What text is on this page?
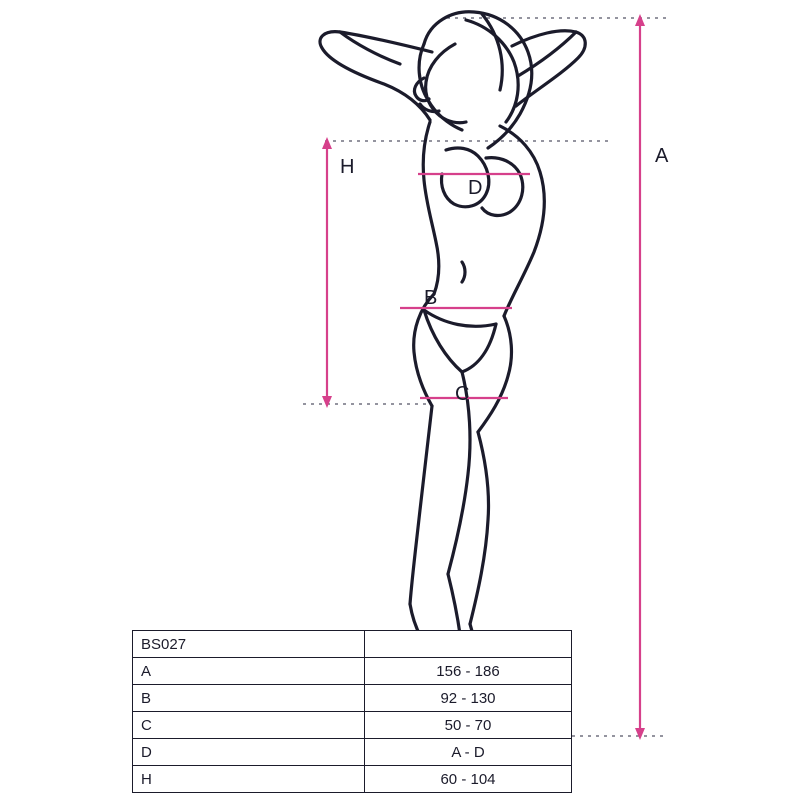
A
H
D
B
C
BS027	
A	156 - 186
B	92 - 130
C	50 - 70
D	A - D
H	60 - 104
